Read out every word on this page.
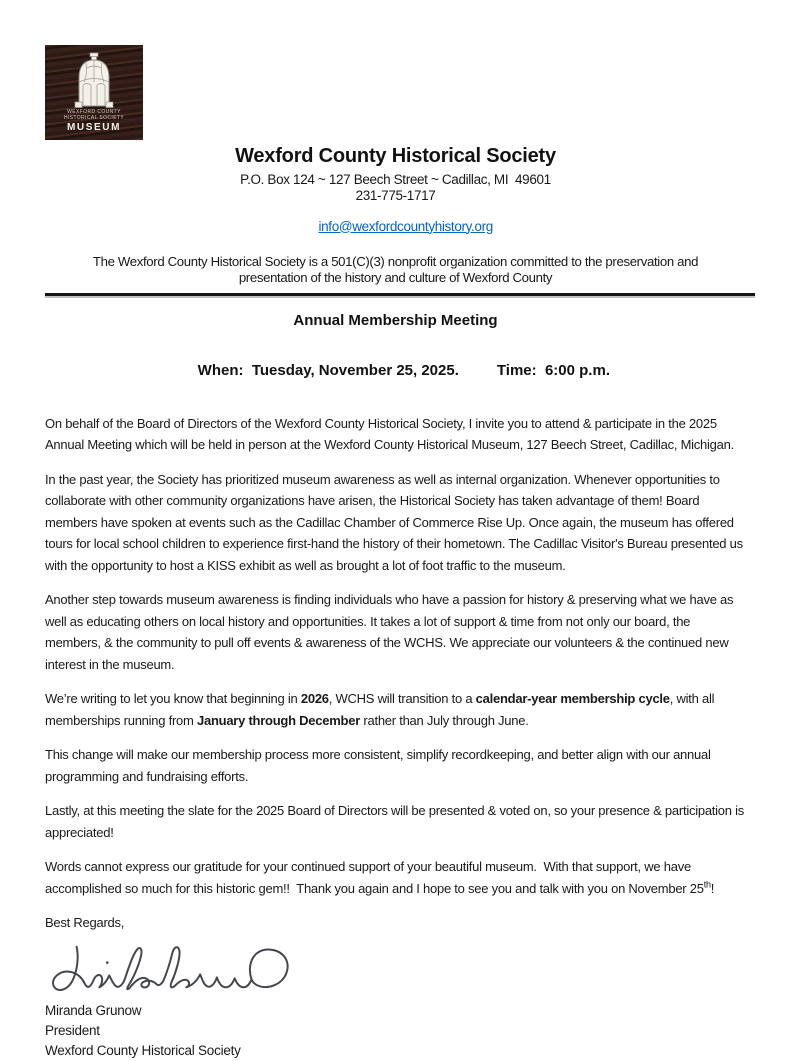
WEXFORD COUNTY
HISTORICAL SOCIETY
MUSEUM
Wexford County Historical Society
P.O. Box 124 ~ 127 Beech Street ~ Cadillac, MI  49601
231-775-1717

info@wexfordcountyhistory.org

The Wexford County Historical Society is a 501(C)(3) nonprofit organization committed to the preservation and
presentation of the history and culture of Wexford County
Annual Membership Meeting

When:  Tuesday, November 25, 2025.	Time:  6:00 p.m.

On behalf of the Board of Directors of the Wexford County Historical Society, I invite you to attend & participate in the 2025 Annual Meeting which will be held in person at the Wexford County Historical Museum, 127 Beech Street, Cadillac, Michigan.

In the past year, the Society has prioritized museum awareness as well as internal organization. Whenever opportunities to collaborate with other community organizations have arisen, the Historical Society has taken advantage of them! Board members have spoken at events such as the Cadillac Chamber of Commerce Rise Up. Once again, the museum has offered tours for local school children to experience first-hand the history of their hometown. The Cadillac Visitor's Bureau presented us with the opportunity to host a KISS exhibit as well as brought a lot of foot traffic to the museum.

Another step towards museum awareness is finding individuals who have a passion for history & preserving what we have as well as educating others on local history and opportunities. It takes a lot of support & time from not only our board, the members, & the community to pull off events & awareness of the WCHS. We appreciate our volunteers & the continued new interest in the museum.

We’re writing to let you know that beginning in 2026, WCHS will transition to a calendar-year membership cycle, with all memberships running from January through December rather than July through June.

This change will make our membership process more consistent, simplify recordkeeping, and better align with our annual programming and fundraising efforts.

Lastly, at this meeting the slate for the 2025 Board of Directors will be presented & voted on, so your presence & participation is appreciated!

Words cannot express our gratitude for your continued support of your beautiful museum.  With that support, we have accomplished so much for this historic gem!!  Thank you again and I hope to see you and talk with you on November 25th!

Best Regards,

Miranda Grunow
President
Wexford County Historical Society
